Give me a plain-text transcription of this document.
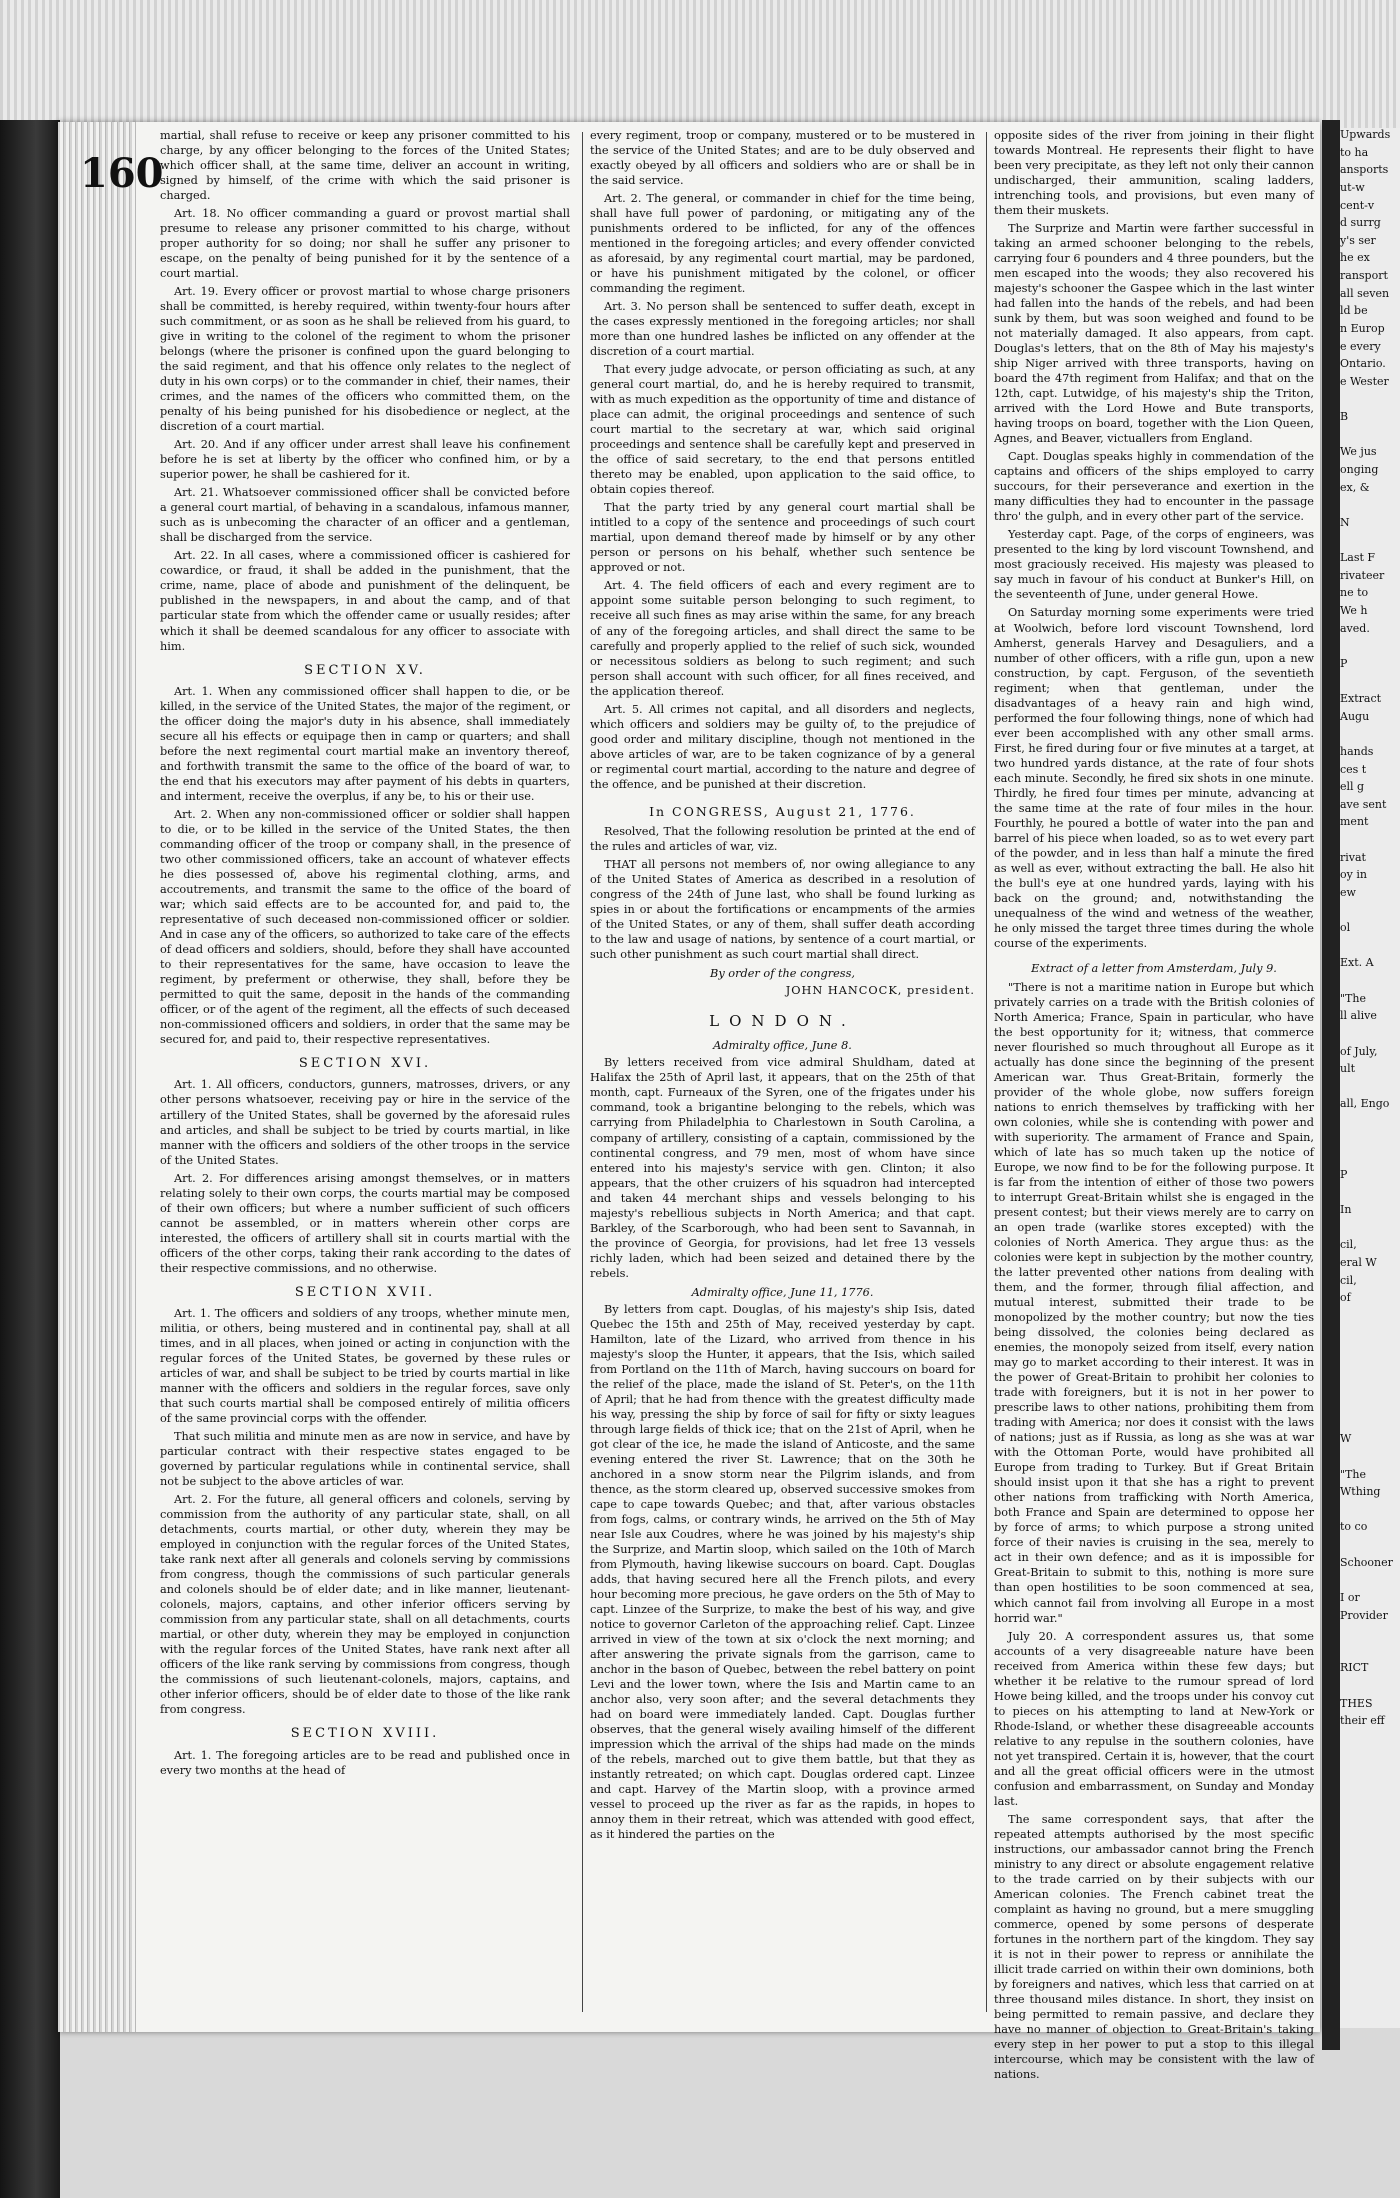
160

martial, shall refuse to receive or keep any prisoner committed to his charge, by any officer belonging to the forces of the United States; which officer shall, at the same time, deliver an account in writing, signed by himself, of the crime with which the said prisoner is charged.

Art. 18. No officer commanding a guard or provost martial shall presume to release any prisoner committed to his charge, without proper authority for so doing; nor shall he suffer any prisoner to escape, on the penalty of being punished for it by the sentence of a court martial.

Art. 19. Every officer or provost martial to whose charge prisoners shall be committed, is hereby required, within twenty-four hours after such commitment, or as soon as he shall be relieved from his guard, to give in writing to the colonel of the regiment to whom the prisoner belongs (where the prisoner is confined upon the guard belonging to the said regiment, and that his offence only relates to the neglect of duty in his own corps) or to the commander in chief, their names, their crimes, and the names of the officers who committed them, on the penalty of his being punished for his disobedience or neglect, at the discretion of a court martial.

Art. 20. And if any officer under arrest shall leave his confinement before he is set at liberty by the officer who confined him, or by a superior power, he shall be cashiered for it.

Art. 21. Whatsoever commissioned officer shall be convicted before a general court martial, of behaving in a scandalous, infamous manner, such as is unbecoming the character of an officer and a gentleman, shall be discharged from the service.

Art. 22. In all cases, where a commissioned officer is cashiered for cowardice, or fraud, it shall be added in the punishment, that the crime, name, place of abode and punishment of the delinquent, be published in the newspapers, in and about the camp, and of that particular state from which the offender came or usually resides; after which it shall be deemed scandalous for any officer to associate with him.

SECTION XV.

Art. 1. When any commissioned officer shall happen to die, or be killed, in the service of the United States, the major of the regiment, or the officer doing the major's duty in his absence, shall immediately secure all his effects or equipage then in camp or quarters; and shall before the next regimental court martial make an inventory thereof, and forthwith transmit the same to the office of the board of war, to the end that his executors may after payment of his debts in quarters, and interment, receive the overplus, if any be, to his or their use.

Art. 2. When any non-commissioned officer or soldier shall happen to die, or to be killed in the service of the United States, the then commanding officer of the troop or company shall, in the presence of two other commissioned officers, take an account of whatever effects he dies possessed of, above his regimental clothing, arms, and accoutrements, and transmit the same to the office of the board of war; which said effects are to be accounted for, and paid to, the representative of such deceased non-commissioned officer or soldier. And in case any of the officers, so authorized to take care of the effects of dead officers and soldiers, should, before they shall have accounted to their representatives for the same, have occasion to leave the regiment, by preferment or otherwise, they shall, before they be permitted to quit the same, deposit in the hands of the commanding officer, or of the agent of the regiment, all the effects of such deceased non-commissioned officers and soldiers, in order that the same may be secured for, and paid to, their respective representatives.

SECTION XVI.

Art. 1. All officers, conductors, gunners, matrosses, drivers, or any other persons whatsoever, receiving pay or hire in the service of the artillery of the United States, shall be governed by the aforesaid rules and articles, and shall be subject to be tried by courts martial, in like manner with the officers and soldiers of the other troops in the service of the United States.

Art. 2. For differences arising amongst themselves, or in matters relating solely to their own corps, the courts martial may be composed of their own officers; but where a number sufficient of such officers cannot be assembled, or in matters wherein other corps are interested, the officers of artillery shall sit in courts martial with the officers of the other corps, taking their rank according to the dates of their respective commissions, and no otherwise.

SECTION XVII.

Art. 1. The officers and soldiers of any troops, whether minute men, militia, or others, being mustered and in continental pay, shall at all times, and in all places, when joined or acting in conjunction with the regular forces of the United States, be governed by these rules or articles of war, and shall be subject to be tried by courts martial in like manner with the officers and soldiers in the regular forces, save only that such courts martial shall be composed entirely of militia officers of the same provincial corps with the offender.

That such militia and minute men as are now in service, and have by particular contract with their respective states engaged to be governed by particular regulations while in continental service, shall not be subject to the above articles of war.

Art. 2. For the future, all general officers and colonels, serving by commission from the authority of any particular state, shall, on all detachments, courts martial, or other duty, wherein they may be employed in conjunction with the regular forces of the United States, take rank next after all generals and colonels serving by commissions from congress, though the commissions of such particular generals and colonels should be of elder date; and in like manner, lieutenant-colonels, majors, captains, and other inferior officers serving by commission from any particular state, shall on all detachments, courts martial, or other duty, wherein they may be employed in conjunction with the regular forces of the United States, have rank next after all officers of the like rank serving by commissions from congress, though the commissions of such lieutenant-colonels, majors, captains, and other inferior officers, should be of elder date to those of the like rank from congress.

SECTION XVIII.

Art. 1. The foregoing articles are to be read and published once in every two months at the head of

every regiment, troop or company, mustered or to be mustered in the service of the United States; and are to be duly observed and exactly obeyed by all officers and soldiers who are or shall be in the said service.

Art. 2. The general, or commander in chief for the time being, shall have full power of pardoning, or mitigating any of the punishments ordered to be inflicted, for any of the offences mentioned in the foregoing articles; and every offender convicted as aforesaid, by any regimental court martial, may be pardoned, or have his punishment mitigated by the colonel, or officer commanding the regiment.

Art. 3. No person shall be sentenced to suffer death, except in the cases expressly mentioned in the foregoing articles; nor shall more than one hundred lashes be inflicted on any offender at the discretion of a court martial.

That every judge advocate, or person officiating as such, at any general court martial, do, and he is hereby required to transmit, with as much expedition as the opportunity of time and distance of place can admit, the original proceedings and sentence of such court martial to the secretary at war, which said original proceedings and sentence shall be carefully kept and preserved in the office of said secretary, to the end that persons entitled thereto may be enabled, upon application to the said office, to obtain copies thereof.

That the party tried by any general court martial shall be intitled to a copy of the sentence and proceedings of such court martial, upon demand thereof made by himself or by any other person or persons on his behalf, whether such sentence be approved or not.

Art. 4. The field officers of each and every regiment are to appoint some suitable person belonging to such regiment, to receive all such fines as may arise within the same, for any breach of any of the foregoing articles, and shall direct the same to be carefully and properly applied to the relief of such sick, wounded or necessitous soldiers as belong to such regiment; and such person shall account with such officer, for all fines received, and the application thereof.

Art. 5. All crimes not capital, and all disorders and neglects, which officers and soldiers may be guilty of, to the prejudice of good order and military discipline, though not mentioned in the above articles of war, are to be taken cognizance of by a general or regimental court martial, according to the nature and degree of the offence, and be punished at their discretion.

In CONGRESS, August 21, 1776.

Resolved, That the following resolution be printed at the end of the rules and articles of war, viz.

THAT all persons not members of, nor owing allegiance to any of the United States of America as described in a resolution of congress of the 24th of June last, who shall be found lurking as spies in or about the fortifications or encampments of the armies of the United States, or any of them, shall suffer death according to the law and usage of nations, by sentence of a court martial, or such other punishment as such court martial shall direct.

By order of the congress,

JOHN HANCOCK, president.

LONDON.

Admiralty office, June 8.

By letters received from vice admiral Shuldham, dated at Halifax the 25th of April last, it appears, that on the 25th of that month, capt. Furneaux of the Syren, one of the frigates under his command, took a brigantine belonging to the rebels, which was carrying from Philadelphia to Charlestown in South Carolina, a company of artillery, consisting of a captain, commissioned by the continental congress, and 79 men, most of whom have since entered into his majesty's service with gen. Clinton; it also appears, that the other cruizers of his squadron had intercepted and taken 44 merchant ships and vessels belonging to his majesty's rebellious subjects in North America; and that capt. Barkley, of the Scarborough, who had been sent to Savannah, in the province of Georgia, for provisions, had let free 13 vessels richly laden, which had been seized and detained there by the rebels.

Admiralty office, June 11, 1776.

By letters from capt. Douglas, of his majesty's ship Isis, dated Quebec the 15th and 25th of May, received yesterday by capt. Hamilton, late of the Lizard, who arrived from thence in his majesty's sloop the Hunter, it appears, that the Isis, which sailed from Portland on the 11th of March, having succours on board for the relief of the place, made the island of St. Peter's, on the 11th of April; that he had from thence with the greatest difficulty made his way, pressing the ship by force of sail for fifty or sixty leagues through large fields of thick ice; that on the 21st of April, when he got clear of the ice, he made the island of Anticoste, and the same evening entered the river St. Lawrence; that on the 30th he anchored in a snow storm near the Pilgrim islands, and from thence, as the storm cleared up, observed successive smokes from cape to cape towards Quebec; and that, after various obstacles from fogs, calms, or contrary winds, he arrived on the 5th of May near Isle aux Coudres, where he was joined by his majesty's ship the Surprize, and Martin sloop, which sailed on the 10th of March from Plymouth, having likewise succours on board. Capt. Douglas adds, that having secured here all the French pilots, and every hour becoming more precious, he gave orders on the 5th of May to capt. Linzee of the Surprize, to make the best of his way, and give notice to governor Carleton of the approaching relief. Capt. Linzee arrived in view of the town at six o'clock the next morning; and after answering the private signals from the garrison, came to anchor in the bason of Quebec, between the rebel battery on point Levi and the lower town, where the Isis and Martin came to an anchor also, very soon after; and the several detachments they had on board were immediately landed. Capt. Douglas further observes, that the general wisely availing himself of the different impression which the arrival of the ships had made on the minds of the rebels, marched out to give them battle, but that they as instantly retreated; on which capt. Douglas ordered capt. Linzee and capt. Harvey of the Martin sloop, with a province armed vessel to proceed up the river as far as the rapids, in hopes to annoy them in their retreat, which was attended with good effect, as it hindered the parties on the

opposite sides of the river from joining in their flight towards Montreal. He represents their flight to have been very precipitate, as they left not only their cannon undischarged, their ammunition, scaling ladders, intrenching tools, and provisions, but even many of them their muskets.

The Surprize and Martin were farther successful in taking an armed schooner belonging to the rebels, carrying four 6 pounders and 4 three pounders, but the men escaped into the woods; they also recovered his majesty's schooner the Gaspee which in the last winter had fallen into the hands of the rebels, and had been sunk by them, but was soon weighed and found to be not materially damaged. It also appears, from capt. Douglas's letters, that on the 8th of May his majesty's ship Niger arrived with three transports, having on board the 47th regiment from Halifax; and that on the 12th, capt. Lutwidge, of his majesty's ship the Triton, arrived with the Lord Howe and Bute transports, having troops on board, together with the Lion Queen, Agnes, and Beaver, victuallers from England.

Capt. Douglas speaks highly in commendation of the captains and officers of the ships employed to carry succours, for their perseverance and exertion in the many difficulties they had to encounter in the passage thro' the gulph, and in every other part of the service.

Yesterday capt. Page, of the corps of engineers, was presented to the king by lord viscount Townshend, and most graciously received. His majesty was pleased to say much in favour of his conduct at Bunker's Hill, on the seventeenth of June, under general Howe.

On Saturday morning some experiments were tried at Woolwich, before lord viscount Townshend, lord Amherst, generals Harvey and Desaguliers, and a number of other officers, with a rifle gun, upon a new construction, by capt. Ferguson, of the seventieth regiment; when that gentleman, under the disadvantages of a heavy rain and high wind, performed the four following things, none of which had ever been accomplished with any other small arms. First, he fired during four or five minutes at a target, at two hundred yards distance, at the rate of four shots each minute. Secondly, he fired six shots in one minute. Thirdly, he fired four times per minute, advancing at the same time at the rate of four miles in the hour. Fourthly, he poured a bottle of water into the pan and barrel of his piece when loaded, so as to wet every part of the powder, and in less than half a minute the fired as well as ever, without extracting the ball. He also hit the bull's eye at one hundred yards, laying with his back on the ground; and, notwithstanding the unequalness of the wind and wetness of the weather, he only missed the target three times during the whole course of the experiments.

Extract of a letter from Amsterdam, July 9.

"There is not a maritime nation in Europe but which privately carries on a trade with the British colonies of North America; France, Spain in particular, who have the best opportunity for it; witness, that commerce never flourished so much throughout all Europe as it actually has done since the beginning of the present American war. Thus Great-Britain, formerly the provider of the whole globe, now suffers foreign nations to enrich themselves by trafficking with her own colonies, while she is contending with power and with superiority. The armament of France and Spain, which of late has so much taken up the notice of Europe, we now find to be for the following purpose. It is far from the intention of either of those two powers to interrupt Great-Britain whilst she is engaged in the present contest; but their views merely are to carry on an open trade (warlike stores excepted) with the colonies of North America. They argue thus: as the colonies were kept in subjection by the mother country, the latter prevented other nations from dealing with them, and the former, through filial affection, and mutual interest, submitted their trade to be monopolized by the mother country; but now the ties being dissolved, the colonies being declared as enemies, the monopoly seized from itself, every nation may go to market according to their interest. It was in the power of Great-Britain to prohibit her colonies to trade with foreigners, but it is not in her power to prescribe laws to other nations, prohibiting them from trading with America; nor does it consist with the laws of nations; just as if Russia, as long as she was at war with the Ottoman Porte, would have prohibited all Europe from trading to Turkey. But if Great Britain should insist upon it that she has a right to prevent other nations from trafficking with North America, both France and Spain are determined to oppose her by force of arms; to which purpose a strong united force of their navies is cruising in the sea, merely to act in their own defence; and as it is impossible for Great-Britain to submit to this, nothing is more sure than open hostilities to be soon commenced at sea, which cannot fail from involving all Europe in a most horrid war."

July 20. A correspondent assures us, that some accounts of a very disagreeable nature have been received from America within these few days; but whether it be relative to the rumour spread of lord Howe being killed, and the troops under his convoy cut to pieces on his attempting to land at New-York or Rhode-Island, or whether these disagreeable accounts relative to any repulse in the southern colonies, have not yet transpired. Certain it is, however, that the court and all the great official officers were in the utmost confusion and embarrassment, on Sunday and Monday last.

The same correspondent says, that after the repeated attempts authorised by the most specific instructions, our ambassador cannot bring the French ministry to any direct or absolute engagement relative to the trade carried on by their subjects with our American colonies. The French cabinet treat the complaint as having no ground, but a mere smuggling commerce, opened by some persons of desperate fortunes in the northern part of the kingdom. They say it is not in their power to repress or annihilate the illicit trade carried on within their own dominions, both by foreigners and natives, which less that carried on at three thousand miles distance. In short, they insist on being permitted to remain passive, and declare they have no manner of objection to Great-Britain's taking every step in her power to put a stop to this illegal intercourse, which may be consistent with the law of nations.

Upwards

to ha

ansports

ut-w

cent-v

d surrg

y's ser

he ex

ransport

all seven

ld be

n Europ

e every

Ontario.

e Wester

B

We jus

onging

ex, &

N

Last F

rivateer

ne to

We h

aved.

P

Extract

Augu

hands

ces t

ell g

ave sent

ment

rivat

oy in

ew

ol

Ext. A

"The

ll alive

of July,

ult

all, Engo

P

In

cil,

eral W

cil,

of

W

"The

Wthing

to co

Schooner

I or

Provider

RICT

THES

their eff
